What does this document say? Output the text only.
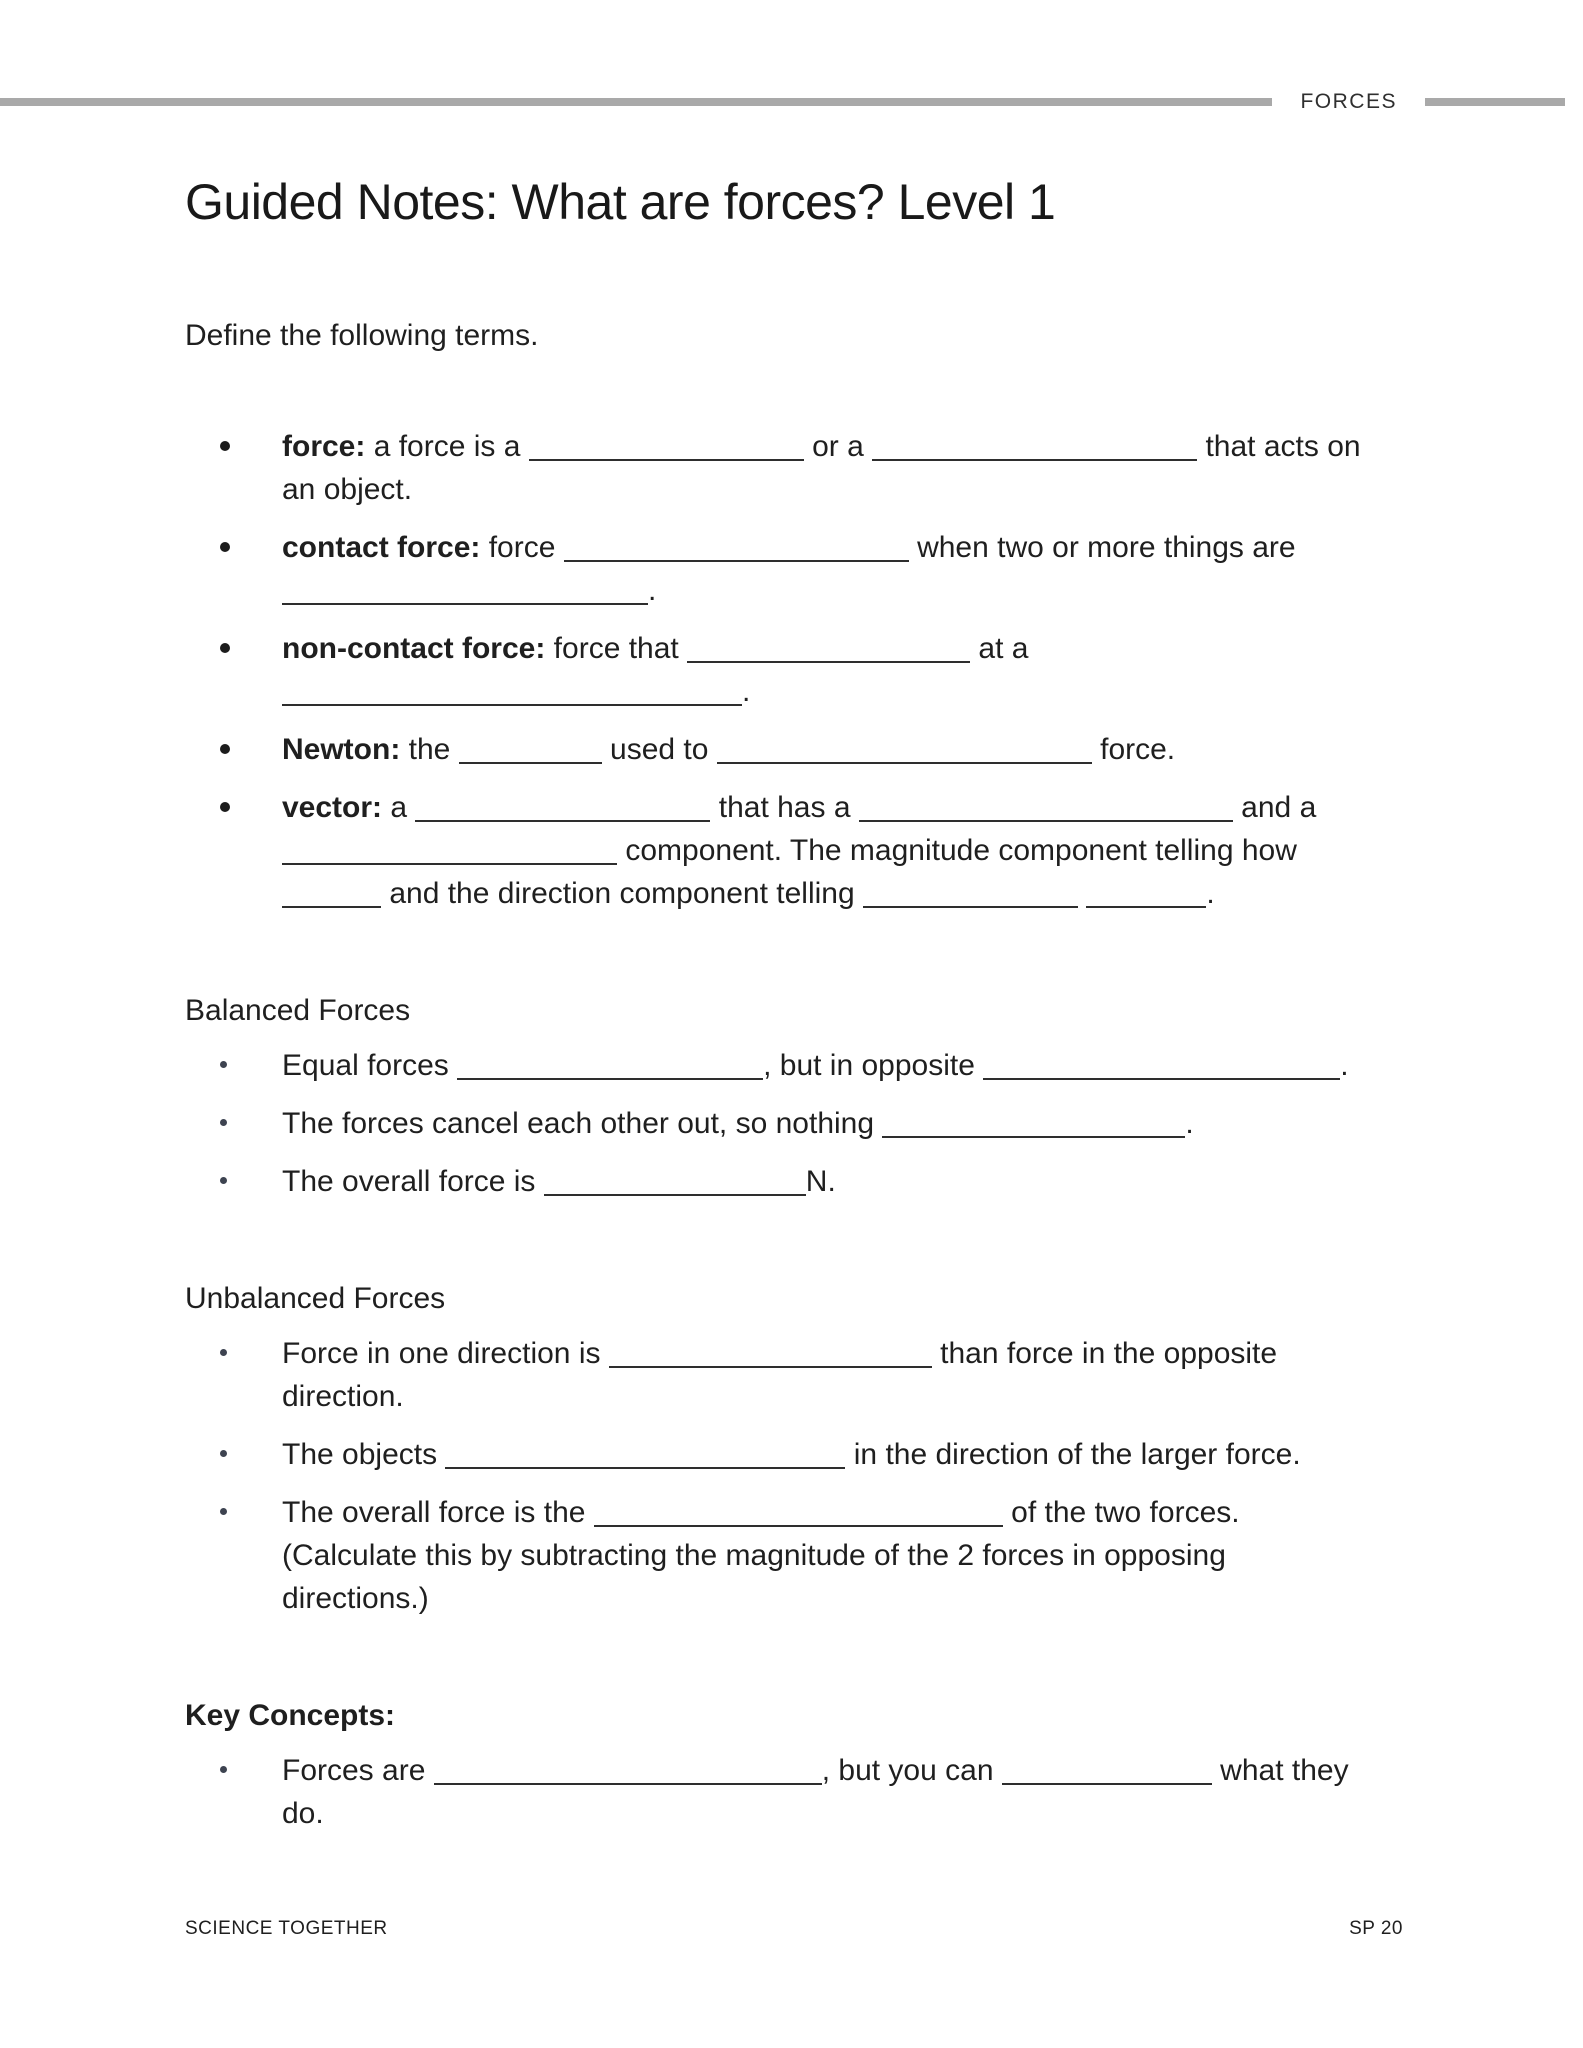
FORCES
Guided Notes: What are forces? Level 1
Define the following terms.
force: a force is a	or a	that acts on
an object.
contact force: force	when two or more things are
.
non-contact force: force that	at a
.
Newton: the	used to	force.
vector: a	that has a	and a
component. The magnitude component telling how
and the direction component telling	.
Balanced Forces
Equal forces	, but in opposite	.
The forces cancel each other out, so nothing	.
The overall force is	N.
Unbalanced Forces
Force in one direction is	than force in the opposite
direction.
The objects	in the direction of the larger force.
The overall force is the	of the two forces.
(Calculate this by subtracting the magnitude of the 2 forces in opposing
directions.)
Key Concepts:
Forces are	, but you can	what they
do.
SCIENCE TOGETHER	SP 20
